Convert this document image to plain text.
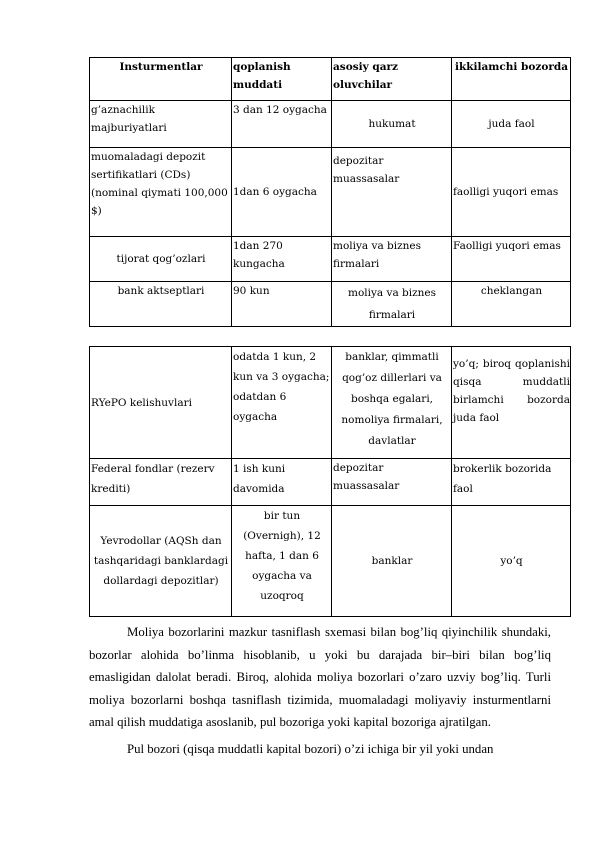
Insturmentlar	qoplanish muddati	asosiy qarz oluvchilar	ikkilamchi bozorda
g’aznachilik majburiyatlari	3 dan 12 oygacha	hukumat	juda faol
muomaladagi depozit sertifikatlari (CDs) (nominal qiymati 100,000 $)	1dan 6 oygacha	depozitar muassasalar	faolligi yuqori emas
tijorat qog’ozlari	1dan 270 kungacha	moliya va biznes firmalari	Faolligi yuqori emas
bank aktseptlari	90 kun	moliya va biznes firmalari	cheklangan
RYePO kelishuvlari	odatda 1 kun, 2 kun va 3 oygacha; odatdan 6 oygacha	banklar, qimmatli qog’oz dillerlari va boshqa egalari, nomoliya firmalari, davlatlar	yo’q; biroq qoplanishi qisqa muddatli birlamchi bozorda juda faol
Federal fondlar (rezerv krediti)	1 ish kuni davomida	depozitar muassasalar	brokerlik bozorida faol
Yevrodollar (AQSh dan tashqaridagi banklardagi dollardagi depozitlar)	bir tun (Overnigh), 12 hafta, 1 dan 6 oygacha va uzoqroq	banklar	yo’q

Moliya bozorlarini mazkur tasniflash sxemasi bilan bog’liq qiyinchilik shundaki, bozorlar alohida bo’linma hisoblanib, u yoki bu darajada bir–biri bilan bog’liq emasligidan dalolat beradi. Biroq, alohida moliya bozorlari o’zaro uzviy bog’liq. Turli moliya bozorlarni boshqa tasniflash tizimida, muomaladagi moliyaviy insturmentlarni amal qilish muddatiga asoslanib, pul bozoriga yoki kapital bozoriga ajratilgan.

Pul bozori (qisqa muddatli kapital bozori) o’zi ichiga bir yil yoki undan
